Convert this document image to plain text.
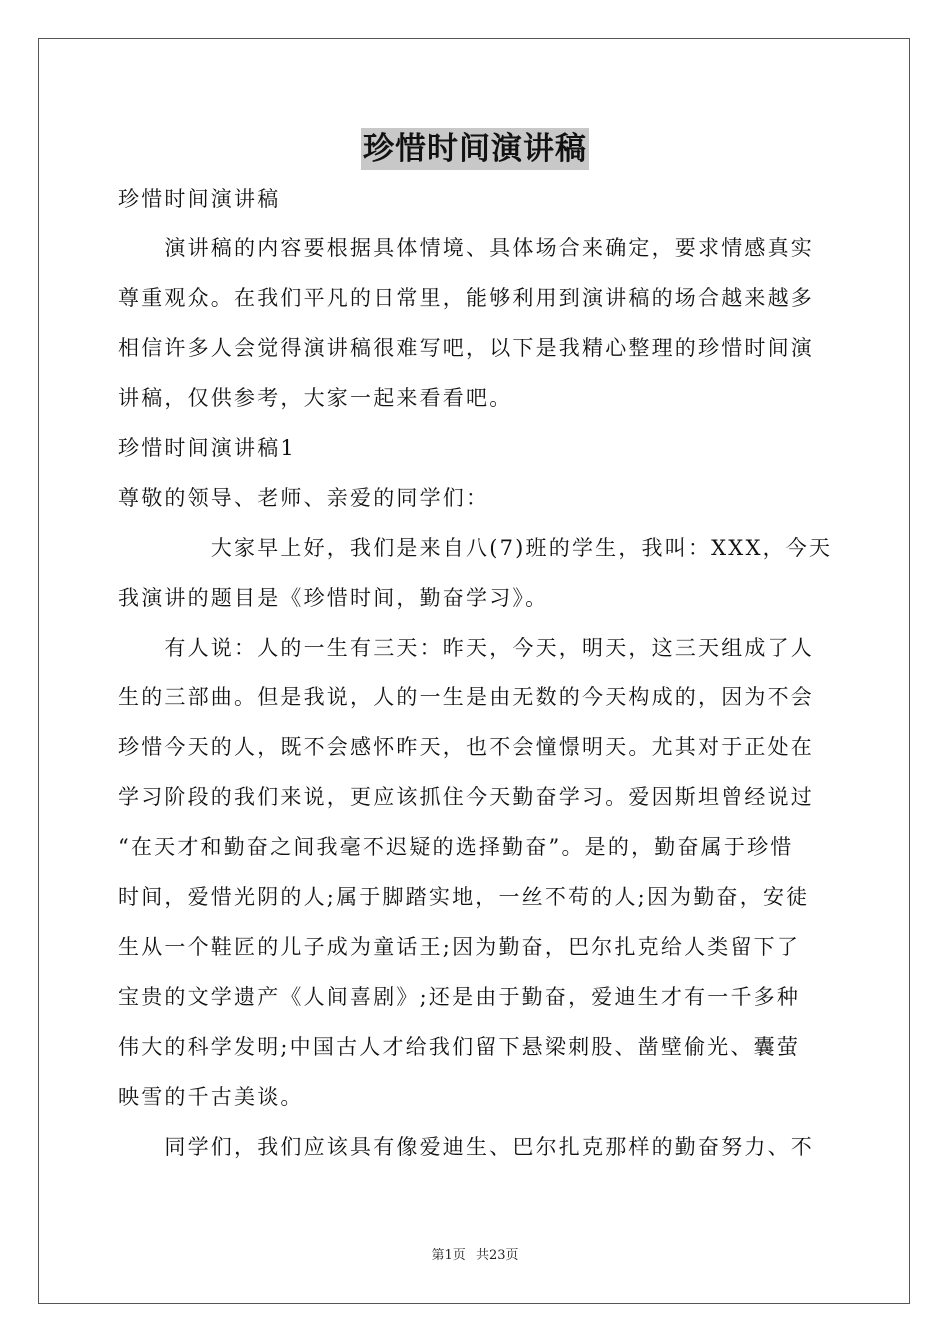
珍惜时间演讲稿
珍惜时间演讲稿
　　演讲稿的内容要根据具体情境、具体场合来确定，要求情感真实
尊重观众。在我们平凡的日常里，能够利用到演讲稿的场合越来越多
相信许多人会觉得演讲稿很难写吧，以下是我精心整理的珍惜时间演
讲稿，仅供参考，大家一起来看看吧。
珍惜时间演讲稿1
尊敬的领导、老师、亲爱的同学们：
　　　　大家早上好，我们是来自八(7)班的学生，我叫：XXX，今天
我演讲的题目是《珍惜时间，勤奋学习》。
　　有人说：人的一生有三天：昨天，今天，明天，这三天组成了人
生的三部曲。但是我说，人的一生是由无数的今天构成的，因为不会
珍惜今天的人，既不会感怀昨天，也不会憧憬明天。尤其对于正处在
学习阶段的我们来说，更应该抓住今天勤奋学习。爱因斯坦曾经说过
“在天才和勤奋之间我毫不迟疑的选择勤奋”。是的，勤奋属于珍惜
时间，爱惜光阴的人;属于脚踏实地，一丝不苟的人;因为勤奋，安徒
生从一个鞋匠的儿子成为童话王;因为勤奋，巴尔扎克给人类留下了
宝贵的文学遗产《人间喜剧》;还是由于勤奋，爱迪生才有一千多种
伟大的科学发明;中国古人才给我们留下悬梁刺股、凿壁偷光、囊萤
映雪的千古美谈。
　　同学们，我们应该具有像爱迪生、巴尔扎克那样的勤奋努力、不
第1页 共23页
